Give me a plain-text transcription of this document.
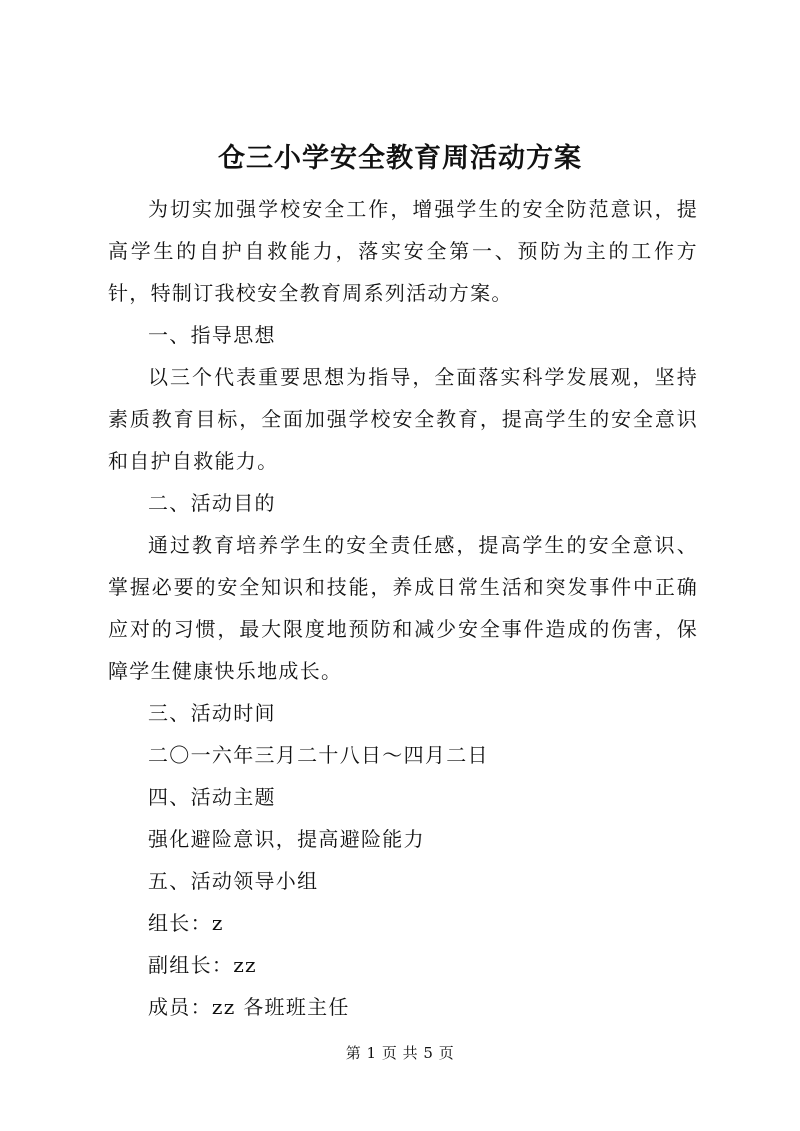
仓三小学安全教育周活动方案

为切实加强学校安全工作，增强学生的安全防范意识，提高学生的自护自救能力，落实安全第一、预防为主的工作方针，特制订我校安全教育周系列活动方案。

一、指导思想

以三个代表重要思想为指导，全面落实科学发展观，坚持素质教育目标，全面加强学校安全教育，提高学生的安全意识和自护自救能力。

二、活动目的

通过教育培养学生的安全责任感，提高学生的安全意识、掌握必要的安全知识和技能，养成日常生活和突发事件中正确应对的习惯，最大限度地预防和减少安全事件造成的伤害，保障学生健康快乐地成长。

三、活动时间

二〇一六年三月二十八日～四月二日

四、活动主题

强化避险意识，提高避险能力

五、活动领导小组

组长：z

副组长：zz

成员：zz 各班班主任

第 1 页 共 5 页
